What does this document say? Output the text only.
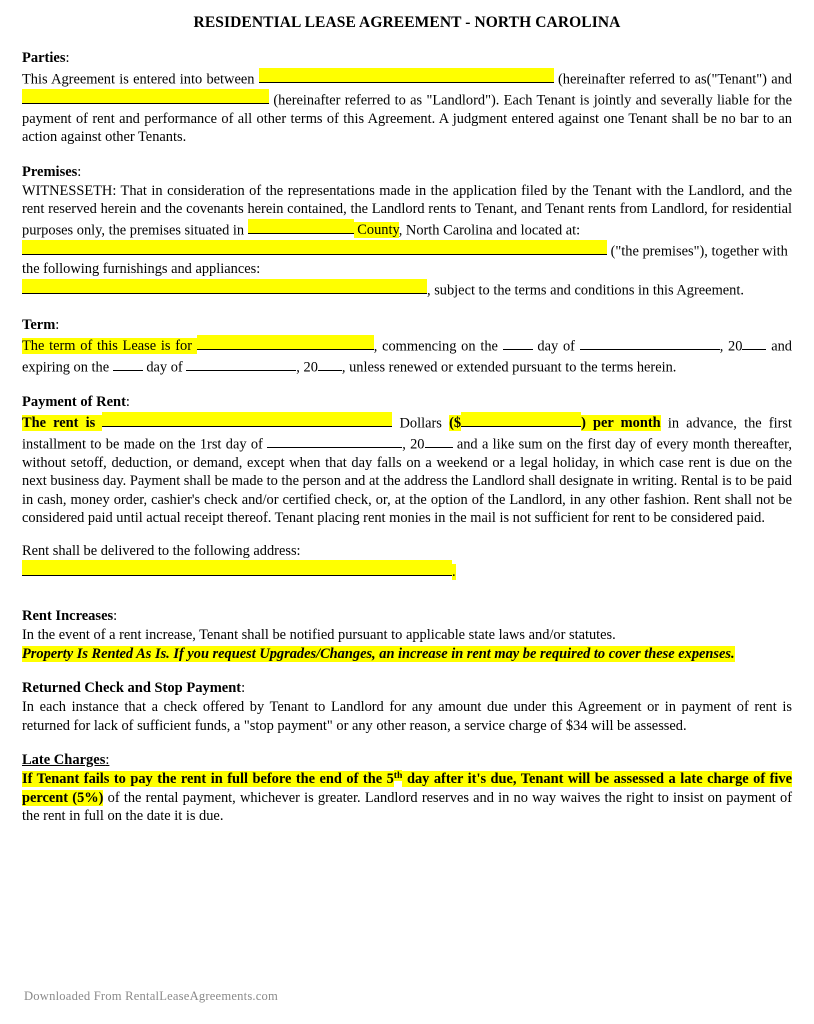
RESIDENTIAL LEASE AGREEMENT - NORTH CAROLINA
Parties:
This Agreement is entered into between	(hereinafter referred to as("Tenant") and  (hereinafter referred to as "Landlord"). Each Tenant is jointly and severally liable for the payment of rent and performance of all other terms of this Agreement. A judgment entered against one Tenant shall be no bar to an action against other Tenants.
Premises:
WITNESSETH: That in consideration of the representations made in the application filed by the Tenant with the Landlord, and the rent reserved herein and the covenants herein contained, the Landlord rents to Tenant, and Tenant rents from Landlord, for residential purposes only, the premises situated in	County, North Carolina and located at:
("the premises"), together with the following furnishings and appliances:
, subject to the terms and conditions in this Agreement.
Term:
The term of this Lease is for	, commencing on the  day of	, 20 and expiring on the  day of	, 20 , unless renewed or extended pursuant to the terms herein.
Payment of Rent:
The rent is	Dollars ($	) per month in advance, the first installment to be made on the 1rst day of	, 20 and a like sum on the first day of every month thereafter, without setoff, deduction, or demand, except when that day falls on a weekend or a legal holiday, in which case rent is due on the next business day. Payment shall be made to the person and at the address the Landlord shall designate in writing. Rental is to be paid in cash, money order, cashier's check and/or certified check, or, at the option of the Landlord, in any other fashion. Rent shall not be considered paid until actual receipt thereof. Tenant placing rent monies in the mail is not sufficient for rent to be considered paid.
Rent shall be delivered to the following address:
.
Rent Increases:
In the event of a rent increase, Tenant shall be notified pursuant to applicable state laws and/or statutes.
Property Is Rented As Is. If you request Upgrades/Changes, an increase in rent may be required to cover these expenses.
Returned Check and Stop Payment:
In each instance that a check offered by Tenant to Landlord for any amount due under this Agreement or in payment of rent is returned for lack of sufficient funds, a "stop payment" or any other reason, a service charge of $34 will be assessed.
Late Charges:
If Tenant fails to pay the rent in full before the end of the 5th day after it's due, Tenant will be assessed a late charge of five percent (5%) of the rental payment, whichever is greater. Landlord reserves and in no way waives the right to insist on payment of the rent in full on the date it is due.
Downloaded From RentalLeaseAgreements.com
